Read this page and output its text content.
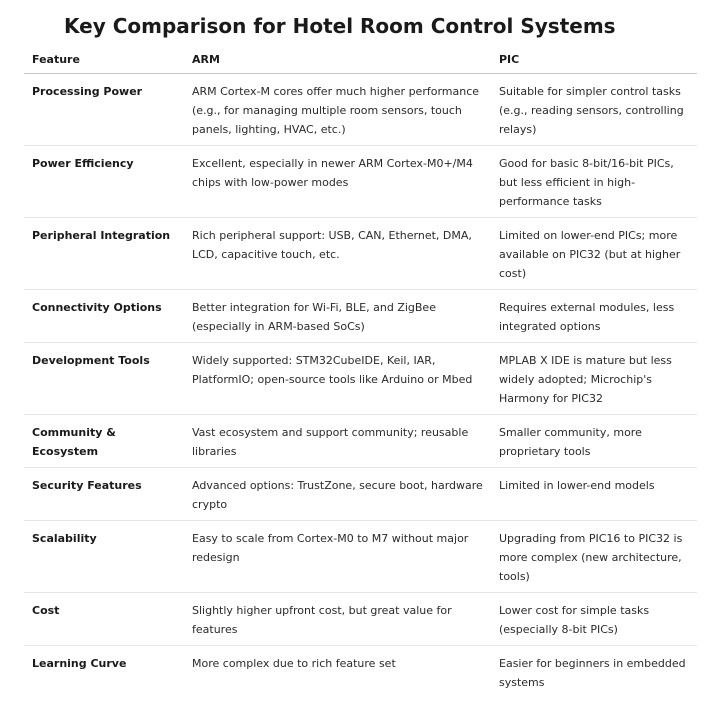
Key Comparison for Hotel Room Control Systems
Feature	ARM	PIC
Processing Power	ARM Cortex-M cores offer much higher performance (e.g., for managing multiple room sensors, touch panels, lighting, HVAC, etc.)	Suitable for simpler control tasks (e.g., reading sensors, controlling relays)
Power Efficiency	Excellent, especially in newer ARM Cortex-M0+/M4 chips with low-power modes	Good for basic 8-bit/16-bit PICs, but less efficient in high-performance tasks
Peripheral Integration	Rich peripheral support: USB, CAN, Ethernet, DMA, LCD, capacitive touch, etc.	Limited on lower-end PICs; more available on PIC32 (but at higher cost)
Connectivity Options	Better integration for Wi-Fi, BLE, and ZigBee (especially in ARM-based SoCs)	Requires external modules, less integrated options
Development Tools	Widely supported: STM32CubeIDE, Keil, IAR, PlatformIO; open-source tools like Arduino or Mbed	MPLAB X IDE is mature but less widely adopted; Microchip's Harmony for PIC32
Community & Ecosystem	Vast ecosystem and support community; reusable libraries	Smaller community, more proprietary tools
Security Features	Advanced options: TrustZone, secure boot, hardware crypto	Limited in lower-end models
Scalability	Easy to scale from Cortex-M0 to M7 without major redesign	Upgrading from PIC16 to PIC32 is more complex (new architecture, tools)
Cost	Slightly higher upfront cost, but great value for features	Lower cost for simple tasks (especially 8-bit PICs)
Learning Curve	More complex due to rich feature set	Easier for beginners in embedded systems
